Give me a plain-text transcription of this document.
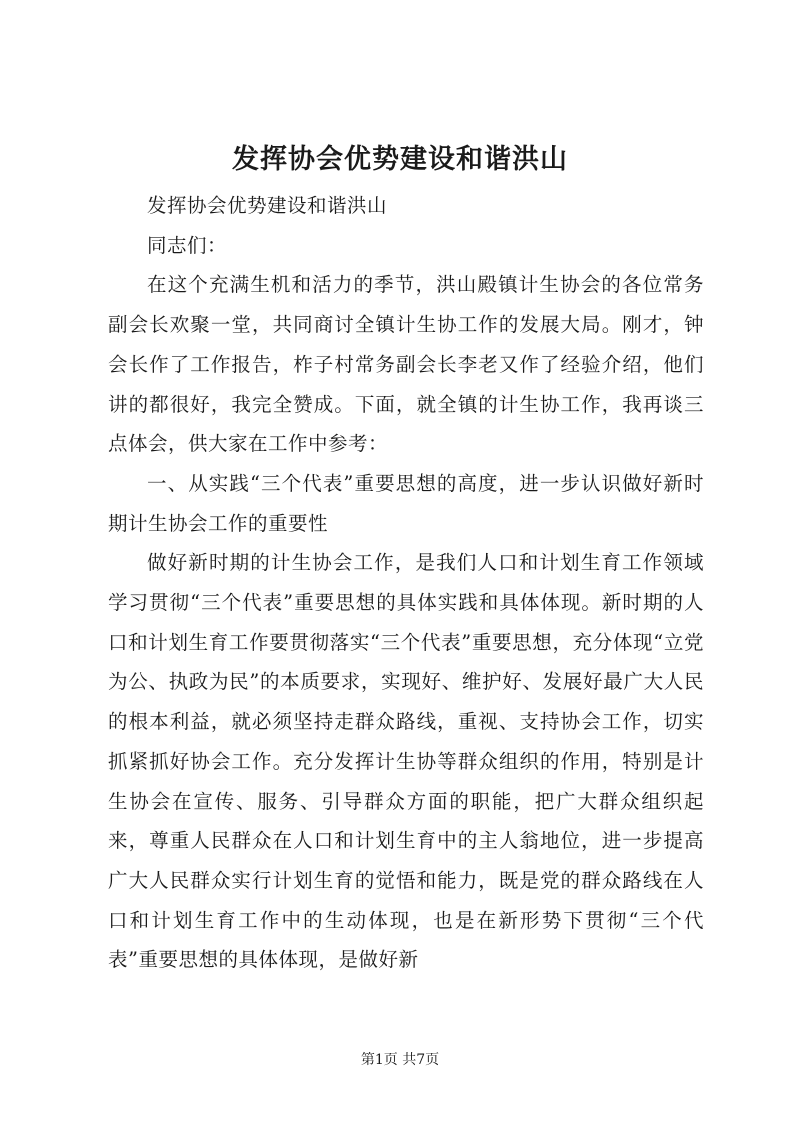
发挥协会优势建设和谐洪山

发挥协会优势建设和谐洪山

同志们：

在这个充满生机和活力的季节，洪山殿镇计生协会的各位常务副会长欢聚一堂，共同商讨全镇计生协工作的发展大局。刚才，钟会长作了工作报告，柞子村常务副会长李老又作了经验介绍，他们讲的都很好，我完全赞成。下面，就全镇的计生协工作，我再谈三点体会，供大家在工作中参考：

一、从实践“三个代表”重要思想的高度，进一步认识做好新时期计生协会工作的重要性

做好新时期的计生协会工作，是我们人口和计划生育工作领域学习贯彻“三个代表”重要思想的具体实践和具体体现。新时期的人口和计划生育工作要贯彻落实“三个代表”重要思想，充分体现“立党为公、执政为民”的本质要求，实现好、维护好、发展好最广大人民的根本利益，就必须坚持走群众路线，重视、支持协会工作，切实抓紧抓好协会工作。充分发挥计生协等群众组织的作用，特别是计生协会在宣传、服务、引导群众方面的职能，把广大群众组织起来，尊重人民群众在人口和计划生育中的主人翁地位，进一步提高广大人民群众实行计划生育的觉悟和能力，既是党的群众路线在人口和计划生育工作中的生动体现，也是在新形势下贯彻“三个代表”重要思想的具体体现，是做好新

第1页 共7页
